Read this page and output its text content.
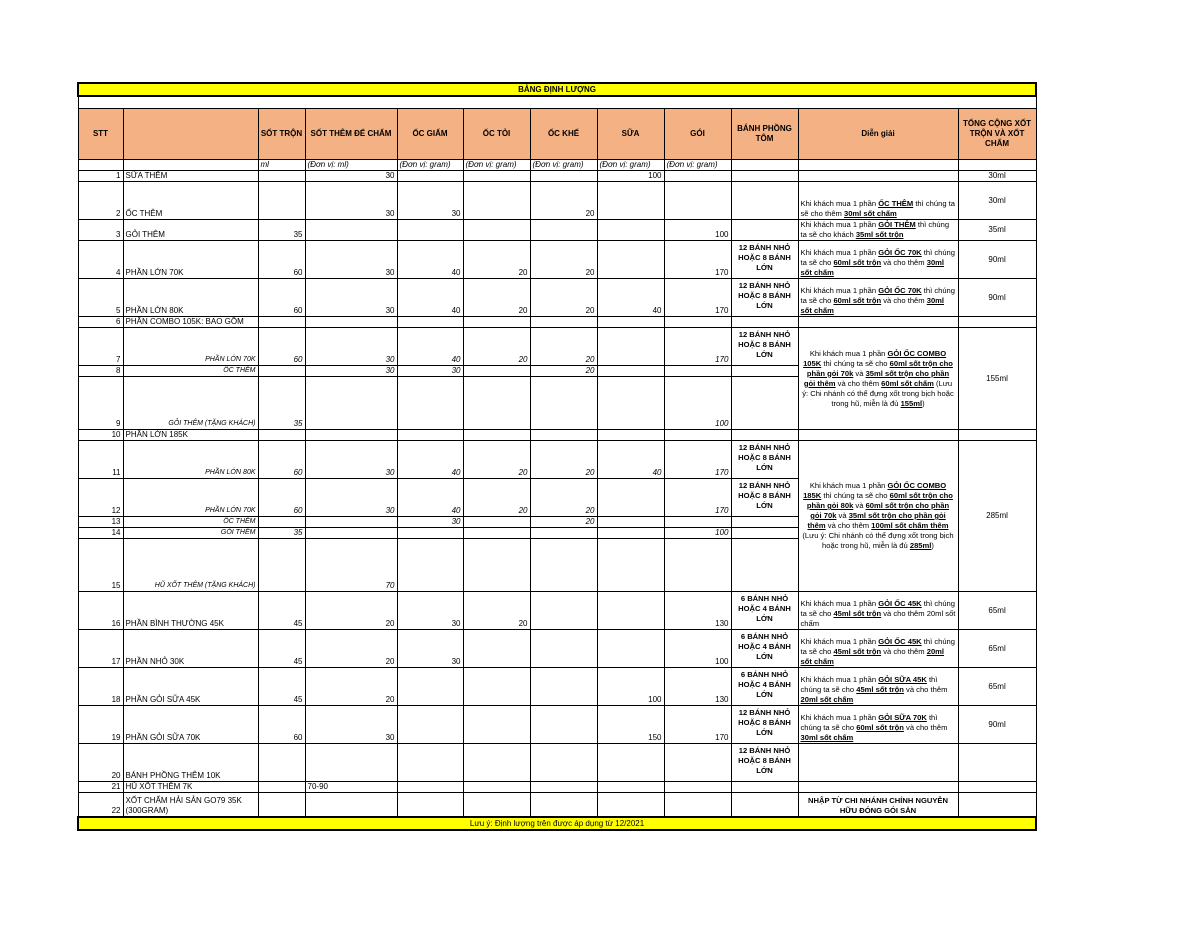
BẢNG ĐỊNH LƯỢNG											

STT		SỐT TRỘN	SỐT THÊM ĐỂ CHẤM	ỐC GIẤM	ỐC TỎI	ỐC KHẾ	SỮA	GÓI	BÁNH PHỒNG TÔM	Diễn giải	TỔNG CỘNG XỐT TRỘN VÀ XỐT CHẤM
		ml	(Đơn vị: ml)	(Đơn vị: gram)	(Đơn vị: gram)	(Đơn vị: gram)	(Đơn vị: gram)	(Đơn vị: gram)			
1	SỮA THÊM		30				100				30ml
2	ỐC THÊM		30	30		20				Khi khách mua 1 phần ỐC THÊM thì chúng ta sẽ cho thêm 30ml sốt chấm	30ml
3	GỎI THÊM	35						100		Khi khách mua 1 phần GỎI THÊM thì chúng ta sẽ cho khách 35ml sốt trộn	35ml
4	PHẦN LỚN 70K	60	30	40	20	20		170	12 BÁNH NHỎ HOẶC 8 BÁNH LỚN	Khi khách mua 1 phần GỎI ỐC 70K thì chúng ta sẽ cho 60ml sốt trộn và cho thêm 30ml sốt chấm	90ml
5	PHẦN LỚN 80K	60	30	40	20	20	40	170	12 BÁNH NHỎ HOẶC 8 BÁNH LỚN	Khi khách mua 1 phần GỎI ỐC 70K thì chúng ta sẽ cho 60ml sốt trộn và cho thêm 30ml sốt chấm	90ml
6	PHẦN COMBO 105K: BAO GỒM										
7	PHẦN LỚN 70K	60	30	40	20	20		170	12 BÁNH NHỎ HOẶC 8 BÁNH LỚN	Khi khách mua 1 phần GỎI ỐC COMBO 105K thì chúng ta sẽ cho 60ml sốt trộn cho phần gỏi 70k và 35ml sốt trộn cho phần gỏi thêm và cho thêm 60ml sốt chấm (Lưu ý: Chi nhánh có thể đựng xốt trong bịch hoặc trong hũ, miễn là đủ 155ml)	155ml
8	ỐC THÊM		30	30		20					
9	GỎI THÊM (TẶNG KHÁCH)	35						100			
10	PHẦN LỚN 185K										
11	PHẦN LỚN 80K	60	30	40	20	20	40	170	12 BÁNH NHỎ HOẶC 8 BÁNH LỚN	Khi khách mua 1 phần GỎI ỐC COMBO 185K thì chúng ta sẽ cho 60ml sốt trộn cho phần gỏi 80k và 60ml sốt trộn cho phần gỏi 70k và 35ml sốt trộn cho phần gỏi thêm và cho thêm 100ml sốt chấm thêm (Lưu ý: Chi nhánh có thể đựng xốt trong bịch hoặc trong hũ, miễn là đủ 285ml)	285ml
12	PHẦN LỚN 70K	60	30	40	20	20		170	12 BÁNH NHỎ HOẶC 8 BÁNH LỚN		
13	ỐC THÊM			30		20					
14	GỎI THÊM	35						100			
15	HŨ XỐT THÊM (TẶNG KHÁCH)		70								
16	PHẦN BÌNH THƯỜNG 45K	45	20	30	20			130	6 BÁNH NHỎ HOẶC 4 BÁNH LỚN	Khi khách mua 1 phần GỎI ỐC 45K thì chúng ta sẽ cho 45ml sốt trộn và cho thêm 20ml sốt chấm	65ml
17	PHẦN NHỎ 30K	45	20	30				100	6 BÁNH NHỎ HOẶC 4 BÁNH LỚN	Khi khách mua 1 phần GỎI ỐC 45K thì chúng ta sẽ cho 45ml sốt trộn và cho thêm 20ml sốt chấm	65ml
18	PHẦN GỎI SỮA 45K	45	20				100	130	6 BÁNH NHỎ HOẶC 4 BÁNH LỚN	Khi khách mua 1 phần GỎI SỮA 45K thì chúng ta sẽ cho 45ml sốt trộn và cho thêm 20ml sốt chấm	65ml
19	PHẦN GỎI SỮA 70K	60	30				150	170	12 BÁNH NHỎ HOẶC 8 BÁNH LỚN	Khi khách mua 1 phần GỎI SỮA 70K thì chúng ta sẽ cho 60ml sốt trộn và cho thêm 30ml sốt chấm	90ml
20	BÁNH PHỒNG THÊM 10K								12 BÁNH NHỎ HOẶC 8 BÁNH LỚN		
21	HŨ XỐT THÊM 7K		70-90								
22	XỐT CHẤM HẢI SẢN GO79 35K (300GRAM)									NHẬP TỪ CHI NHÁNH CHÍNH NGUYỄN HỮU ĐÓNG GÓI SẴN	
Lưu ý: Định lượng trên được áp dụng từ 12/2021											
